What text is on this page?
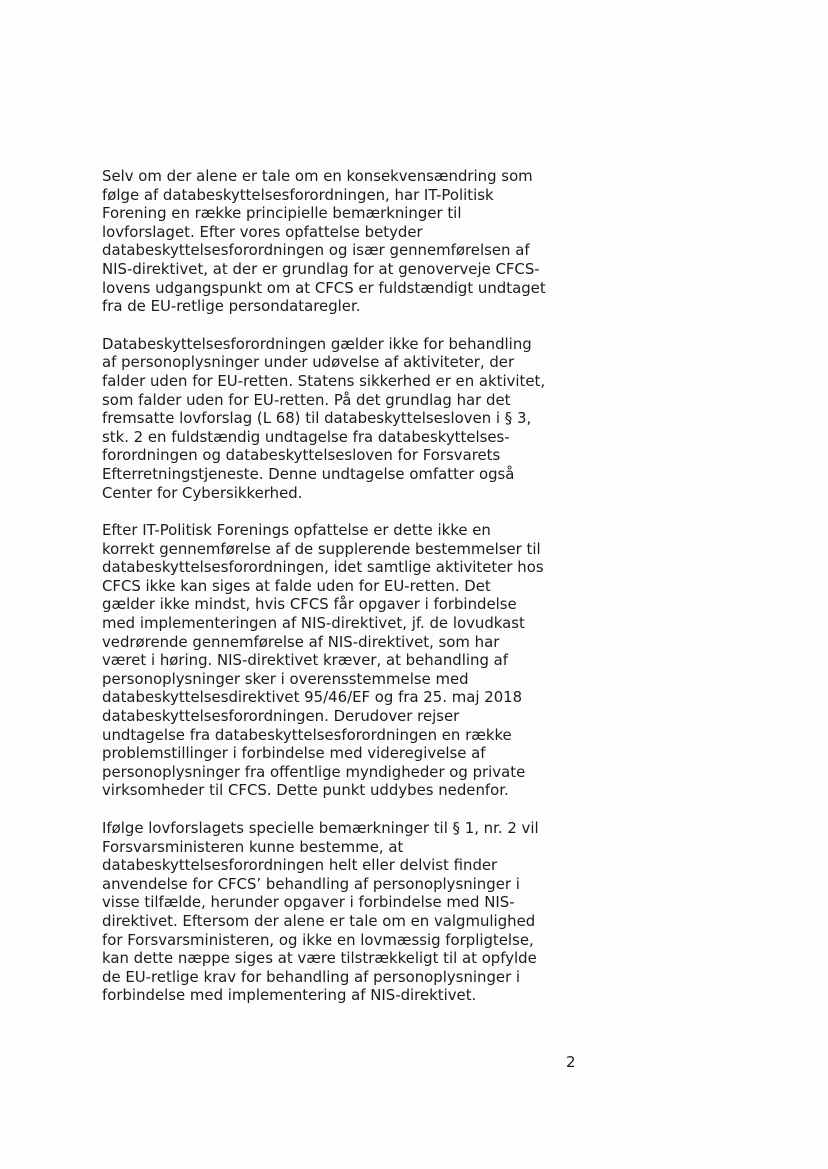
Selv om der alene er tale om en konsekvensændring som
følge af databeskyttelsesforordningen, har IT-Politisk
Forening en række principielle bemærkninger til
lovforslaget. Efter vores opfattelse betyder
databeskyttelsesforordningen og især gennemførelsen af
NIS-direktivet, at der er grundlag for at genoverveje CFCS-
lovens udgangspunkt om at CFCS er fuldstændigt undtaget
fra de EU-retlige persondataregler.

Databeskyttelsesforordningen gælder ikke for behandling
af personoplysninger under udøvelse af aktiviteter, der
falder uden for EU-retten. Statens sikkerhed er en aktivitet,
som falder uden for EU-retten. På det grundlag har det
fremsatte lovforslag (L 68) til databeskyttelsesloven i § 3,
stk. 2 en fuldstændig undtagelse fra databeskyttelses-
forordningen og databeskyttelsesloven for Forsvarets
Efterretningstjeneste. Denne undtagelse omfatter også
Center for Cybersikkerhed.

Efter IT-Politisk Forenings opfattelse er dette ikke en
korrekt gennemførelse af de supplerende bestemmelser til
databeskyttelsesforordningen, idet samtlige aktiviteter hos
CFCS ikke kan siges at falde uden for EU-retten. Det
gælder ikke mindst, hvis CFCS får opgaver i forbindelse
med implementeringen af NIS-direktivet, jf. de lovudkast
vedrørende gennemførelse af NIS-direktivet, som har
været i høring. NIS-direktivet kræver, at behandling af
personoplysninger sker i overensstemmelse med
databeskyttelsesdirektivet 95/46/EF og fra 25. maj 2018
databeskyttelsesforordningen. Derudover rejser
undtagelse fra databeskyttelsesforordningen en række
problemstillinger i forbindelse med videregivelse af
personoplysninger fra offentlige myndigheder og private
virksomheder til CFCS. Dette punkt uddybes nedenfor.

Ifølge lovforslagets specielle bemærkninger til § 1, nr. 2 vil
Forsvarsministeren kunne bestemme, at
databeskyttelsesforordningen helt eller delvist finder
anvendelse for CFCS’ behandling af personoplysninger i
visse tilfælde, herunder opgaver i forbindelse med NIS-
direktivet. Eftersom der alene er tale om en valgmulighed
for Forsvarsministeren, og ikke en lovmæssig forpligtelse,
kan dette næppe siges at være tilstrækkeligt til at opfylde
de EU-retlige krav for behandling af personoplysninger i
forbindelse med implementering af NIS-direktivet.

2
